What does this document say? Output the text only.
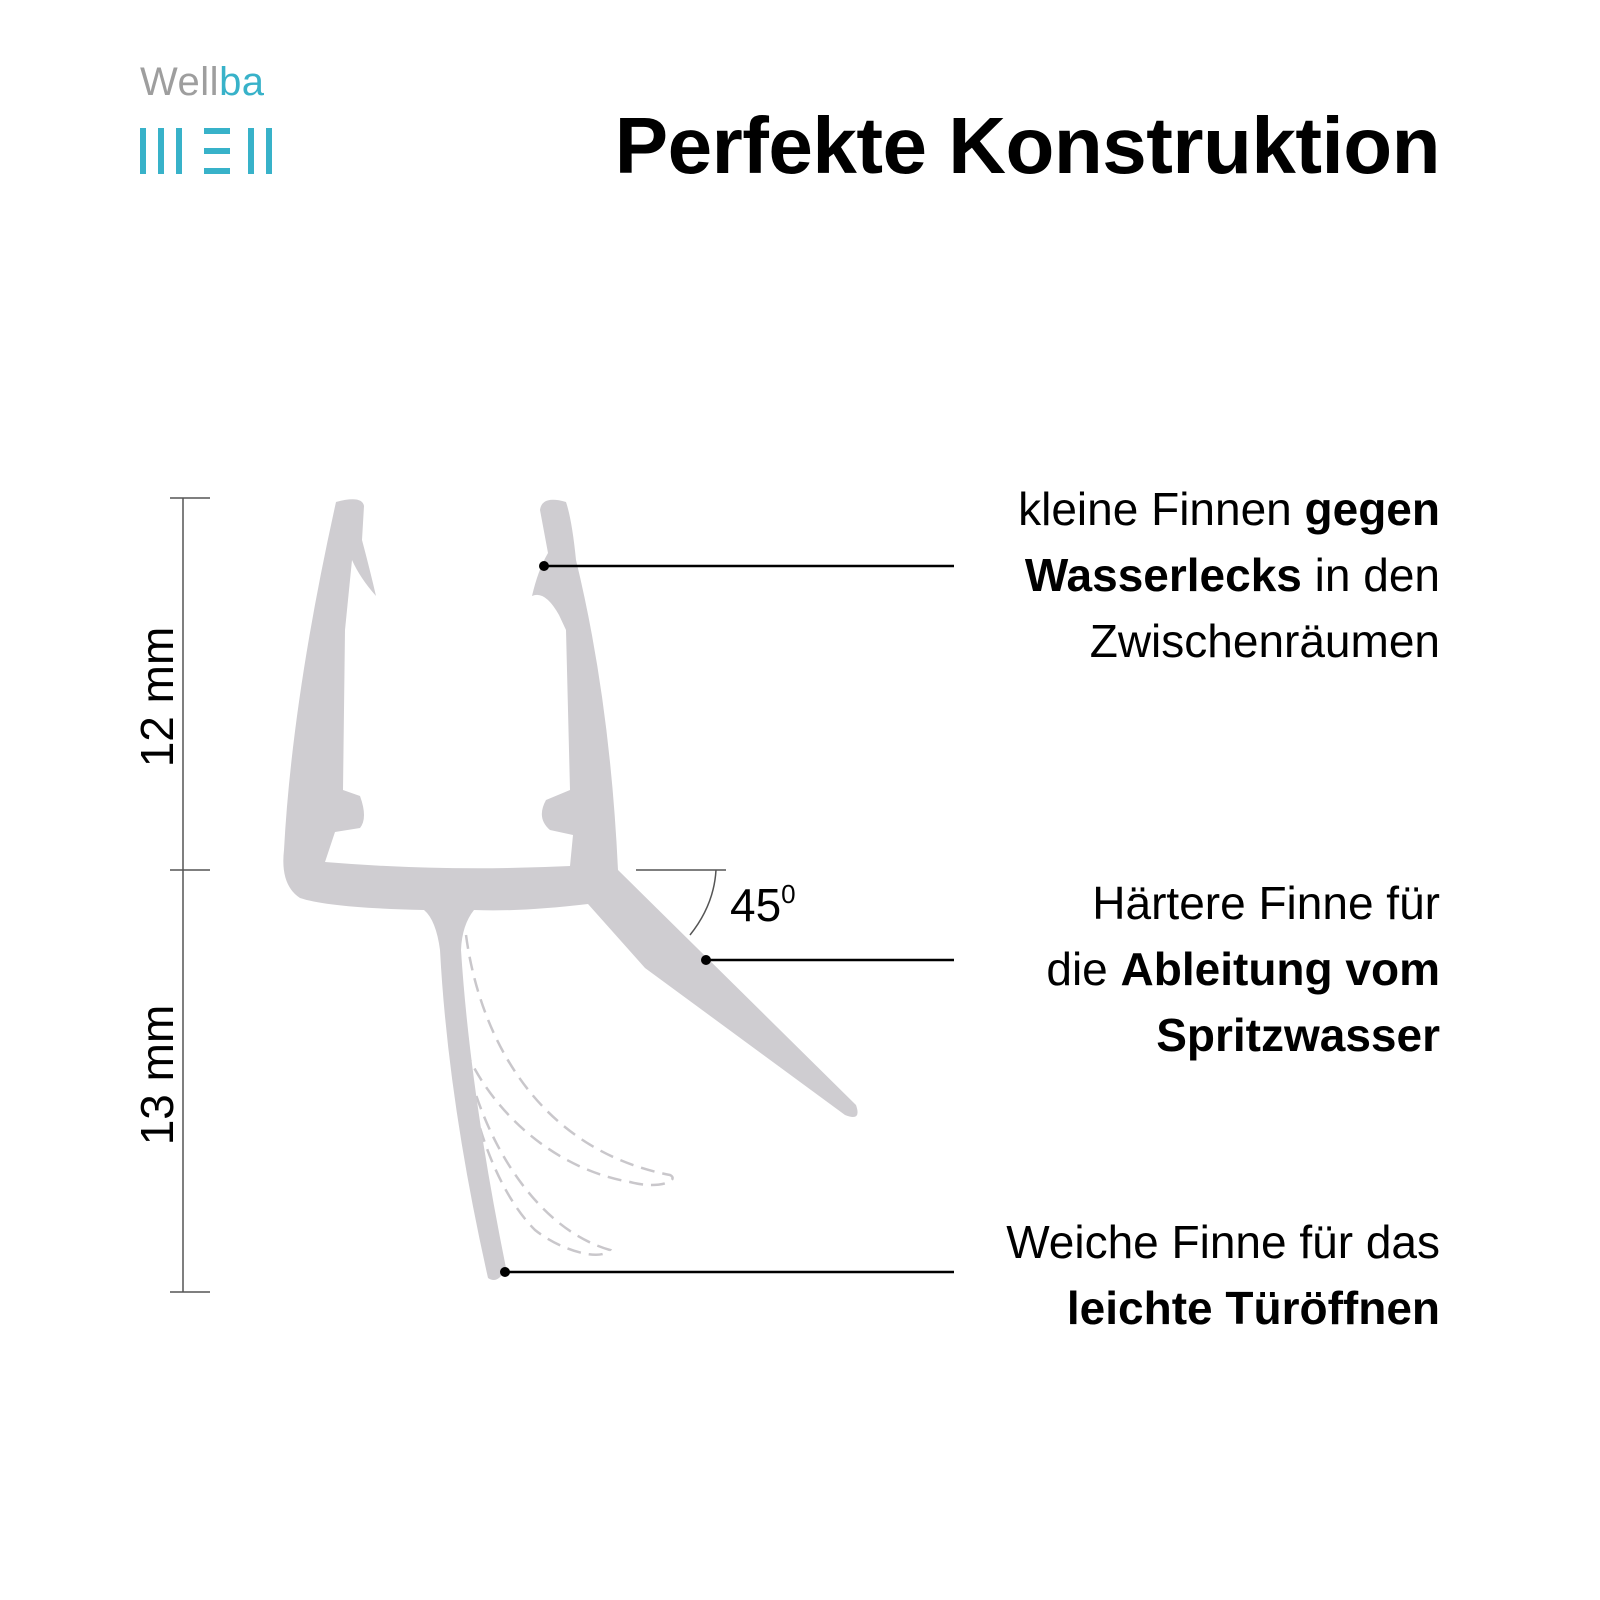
Wellba
Perfekte Konstruktion
12 mm
13 mm
$45^0$
kleine Finnen gegen
Wasserlecks in den
Zwischenräumen
Härtere Finne für
die Ableitung vom
Spritzwasser
Weiche Finne für das
leichte Türöffnen
